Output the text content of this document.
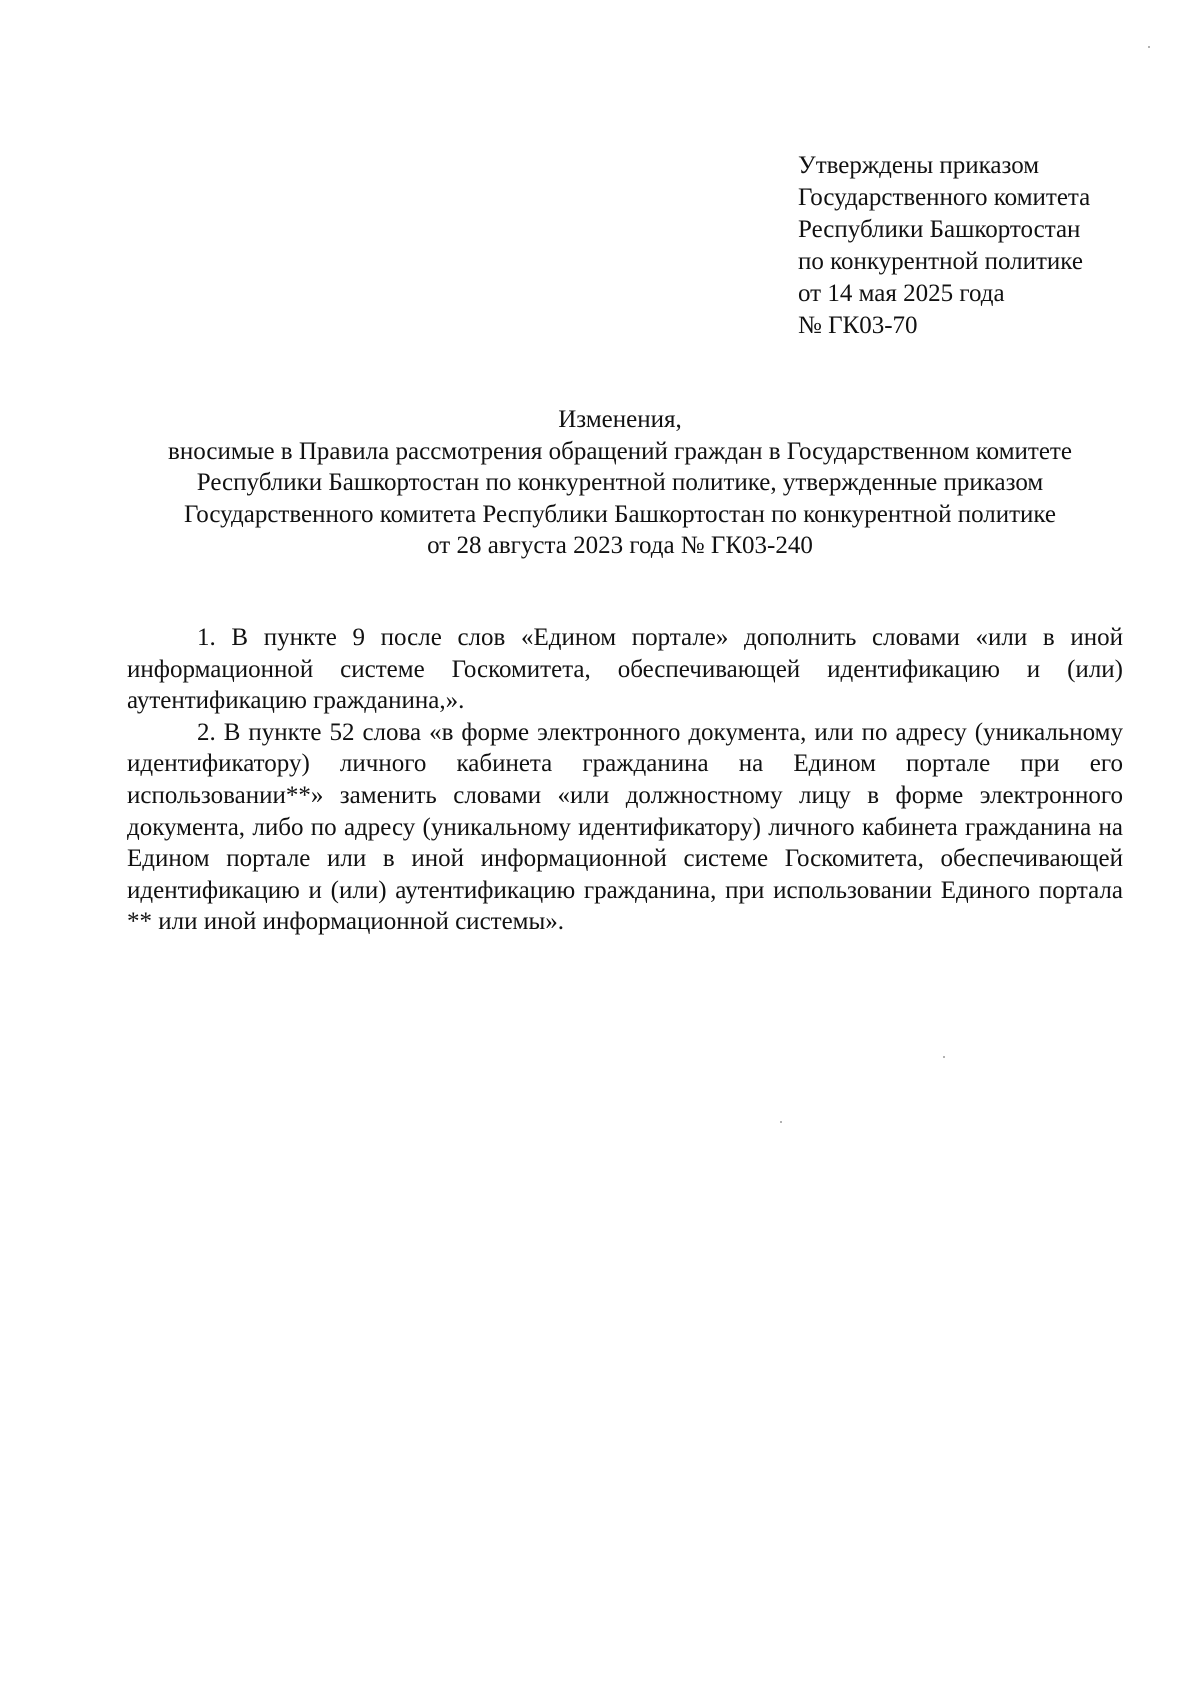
Утверждены приказом
Государственного комитета
Республики Башкортостан
по конкурентной политике
от 14 мая 2025 года
№ ГК03-70
Изменения,
вносимые в Правила рассмотрения обращений граждан в Государственном комитете
Республики Башкортостан по конкурентной политике, утвержденные приказом
Государственного комитета Республики Башкортостан по конкурентной политике
от 28 августа 2023 года № ГК03-240

1. В пункте 9 после слов «Едином портале» дополнить словами «или в иной информационной системе Госкомитета, обеспечивающей идентификацию и (или) аутентификацию гражданина,».

2. В пункте 52 слова «в форме электронного документа, или по адресу (уникальному идентификатору) личного кабинета гражданина на Едином портале при его использовании**» заменить словами «или должностному лицу в форме электронного документа, либо по адресу (уникальному идентификатору) личного кабинета гражданина на Едином портале или в иной информационной системе Госкомитета, обеспечивающей идентификацию и (или) аутентификацию гражданина, при использовании Единого портала ** или иной информационной системы».
